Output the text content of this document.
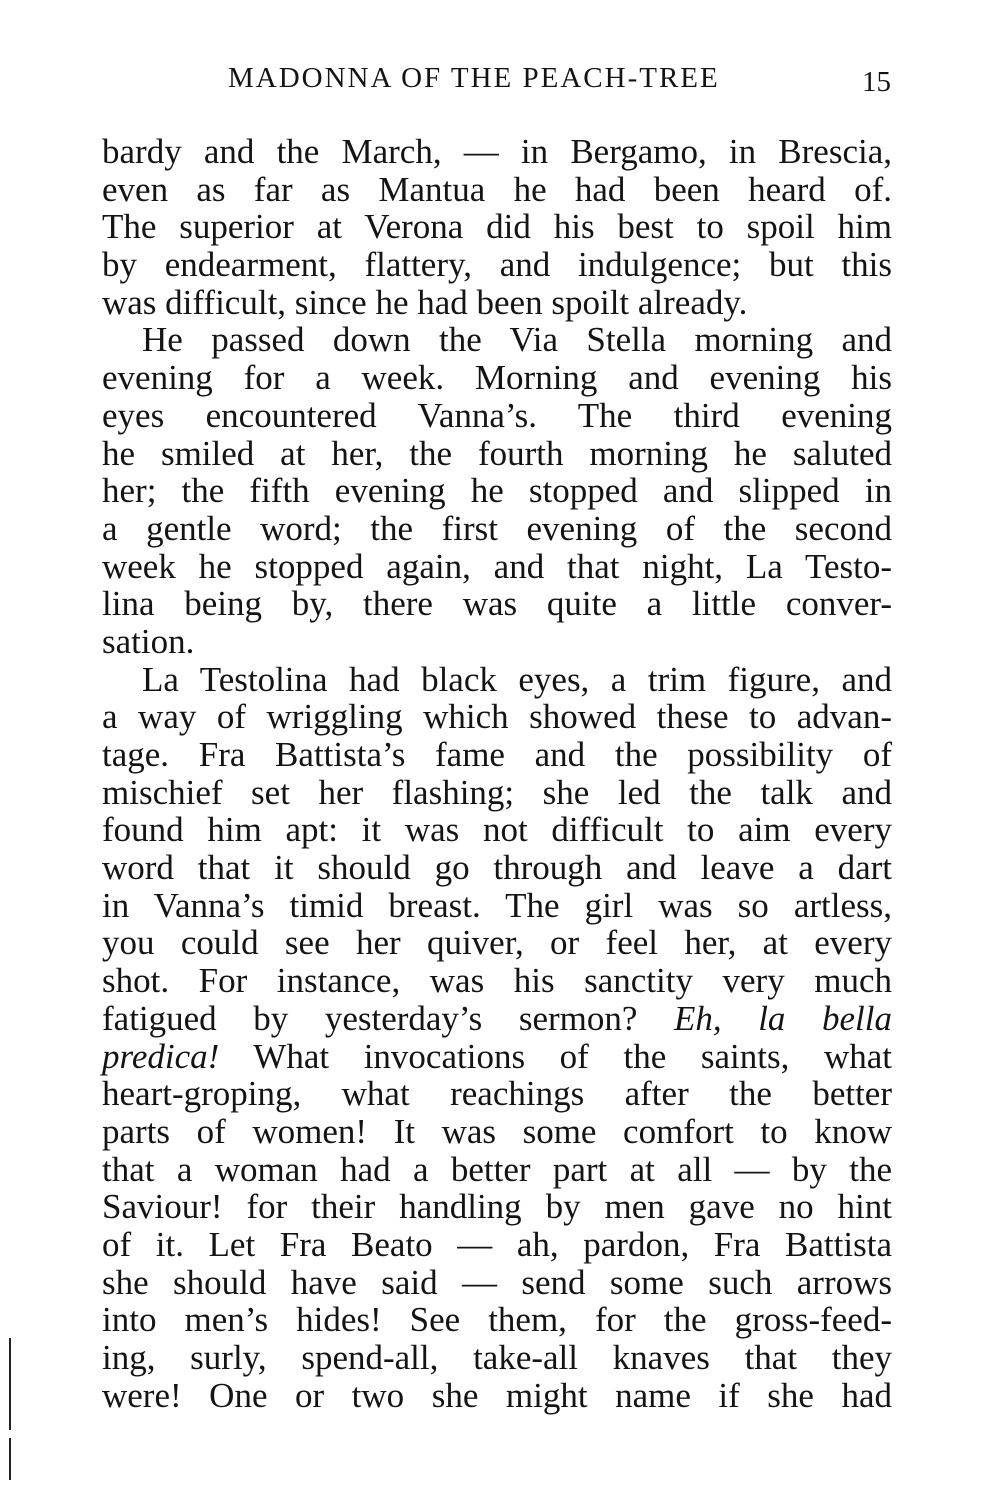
MADONNA OF THE PEACH-TREE	15
bardy and the March, — in Bergamo, in Brescia,
even as far as Mantua he had been heard of.
The superior at Verona did his best to spoil him
by endearment, flattery, and indulgence; but this
was difficult, since he had been spoilt already.
He passed down the Via Stella morning and
evening for a week. Morning and evening his
eyes encountered Vanna’s. The third evening
he smiled at her, the fourth morning he saluted
her; the fifth evening he stopped and slipped in
a gentle word; the first evening of the second
week he stopped again, and that night, La Testo-
lina being by, there was quite a little conver-
sation.
La Testolina had black eyes, a trim figure, and
a way of wriggling which showed these to advan-
tage. Fra Battista’s fame and the possibility of
mischief set her flashing; she led the talk and
found him apt: it was not difficult to aim every
word that it should go through and leave a dart
in Vanna’s timid breast. The girl was so artless,
you could see her quiver, or feel her, at every
shot. For instance, was his sanctity very much
fatigued by yesterday’s sermon? Eh, la bella
predica! What invocations of the saints, what
heart-groping, what reachings after the better
parts of women! It was some comfort to know
that a woman had a better part at all — by the
Saviour! for their handling by men gave no hint
of it. Let Fra Beato — ah, pardon, Fra Battista
she should have said — send some such arrows
into men’s hides! See them, for the gross-feed-
ing, surly, spend-all, take-all knaves that they
were! One or two she might name if she had
